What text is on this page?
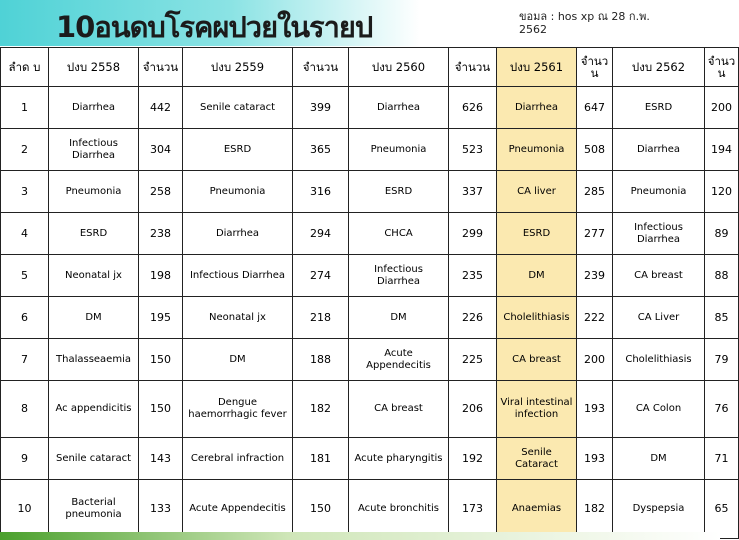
10อนดบโรคผปวยในรายป	ขอมล : hos xp ณ 28 ก.พ.
2562
ลำด บ	ปงบ 2558	จำนวน	ปงบ 2559	จำนวน	ปงบ 2560	จำนวน	ปงบ 2561	จำนว น	ปงบ 2562	จำนว น
1	Diarrhea	442	Senile cataract	399	Diarrhea	626	Diarrhea	647	ESRD	200
2	Infectious Diarrhea	304	ESRD	365	Pneumonia	523	Pneumonia	508	Diarrhea	194
3	Pneumonia	258	Pneumonia	316	ESRD	337	CA liver	285	Pneumonia	120
4	ESRD	238	Diarrhea	294	CHCA	299	ESRD	277	Infectious Diarrhea	89
5	Neonatal jx	198	Infectious Diarrhea	274	Infectious Diarrhea	235	DM	239	CA breast	88
6	DM	195	Neonatal jx	218	DM	226	Cholelithiasis	222	CA Liver	85
7	Thalasseaemia	150	DM	188	Acute Appendecitis	225	CA breast	200	Cholelithiasis	79
8	Ac appendicitis	150	Dengue haemorrhagic fever	182	CA breast	206	Viral intestinal infection	193	CA Colon	76
9	Senile cataract	143	Cerebral infraction	181	Acute pharyngitis	192	Senile Cataract	193	DM	71
10	Bacterial pneumonia	133	Acute Appendecitis	150	Acute bronchitis	173	Anaemias	182	Dyspepsia	65
